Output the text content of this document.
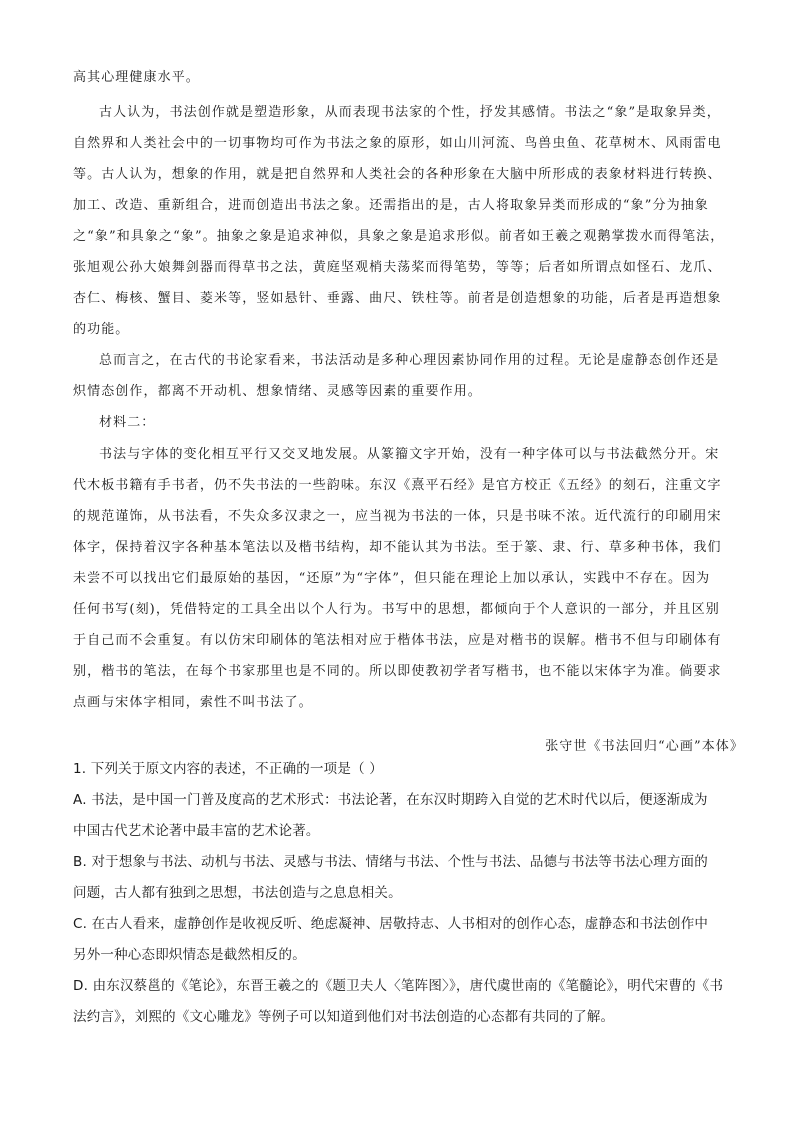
高其心理健康水平。

古人认为，书法创作就是塑造形象，从而表现书法家的个性，抒发其感情。书法之“象”是取象异类，

自然界和人类社会中的一切事物均可作为书法之象的原形，如山川河流、鸟兽虫鱼、花草树木、风雨雷电

等。古人认为，想象的作用，就是把自然界和人类社会的各种形象在大脑中所形成的表象材料进行转换、

加工、改造、重新组合，进而创造出书法之象。还需指出的是，古人将取象异类而形成的“象”分为抽象

之“象”和具象之“象”。抽象之象是追求神似，具象之象是追求形似。前者如王羲之观鹅掌拨水而得笔法，

张旭观公孙大娘舞剑器而得草书之法，黄庭坚观梢夫荡桨而得笔势，等等；后者如所谓点如怪石、龙爪、

杏仁、梅核、蟹目、菱米等，竖如悬针、垂露、曲尺、铁柱等。前者是创造想象的功能，后者是再造想象

的功能。

总而言之，在古代的书论家看来，书法活动是多种心理因素协同作用的过程。无论是虚静态创作还是

炽情态创作，都离不开动机、想象情绪、灵感等因素的重要作用。

材料二：

书法与字体的变化相互平行又交叉地发展。从篆籀文字开始，没有一种字体可以与书法截然分开。宋

代木板书籍有手书者，仍不失书法的一些韵味。东汉《熹平石经》是官方校正《五经》的刻石，注重文字

的规范谨饰，从书法看，不失众多汉隶之一，应当视为书法的一体，只是书味不浓。近代流行的印刷用宋

体字，保持着汉字各种基本笔法以及楷书结构，却不能认其为书法。至于篆、隶、行、草多种书体，我们

未尝不可以找出它们最原始的基因，“还原”为“字体”，但只能在理论上加以承认，实践中不存在。因为

任何书写(刻)，凭借特定的工具全出以个人行为。书写中的思想，都倾向于个人意识的一部分，并且区别

于自己而不会重复。有以仿宋印刷体的笔法相对应于楷体书法，应是对楷书的误解。楷书不但与印刷体有

别，楷书的笔法，在每个书家那里也是不同的。所以即使教初学者写楷书，也不能以宋体字为准。倘要求

点画与宋体字相同，索性不叫书法了。

张守世《书法回归“心画”本体》

1. 下列关于原文内容的表述，不正确的一项是（ ）

A. 书法，是中国一门普及度高的艺术形式：书法论著，在东汉时期跨入自觉的艺术时代以后，便逐渐成为

中国古代艺术论著中最丰富的艺术论著。

B. 对于想象与书法、动机与书法、灵感与书法、情绪与书法、个性与书法、品德与书法等书法心理方面的

问题，古人都有独到之思想，书法创造与之息息相关。

C. 在古人看来，虚静创作是收视反听、绝虑凝神、居敬持志、人书相对的创作心态，虚静态和书法创作中

另外一种心态即炽情态是截然相反的。

D. 由东汉蔡邕的《笔论》，东晋王羲之的《题卫夫人〈笔阵图〉》，唐代虞世南的《笔髓论》，明代宋曹的《书

法约言》，刘熙的《文心雕龙》等例子可以知道到他们对书法创造的心态都有共同的了解。
